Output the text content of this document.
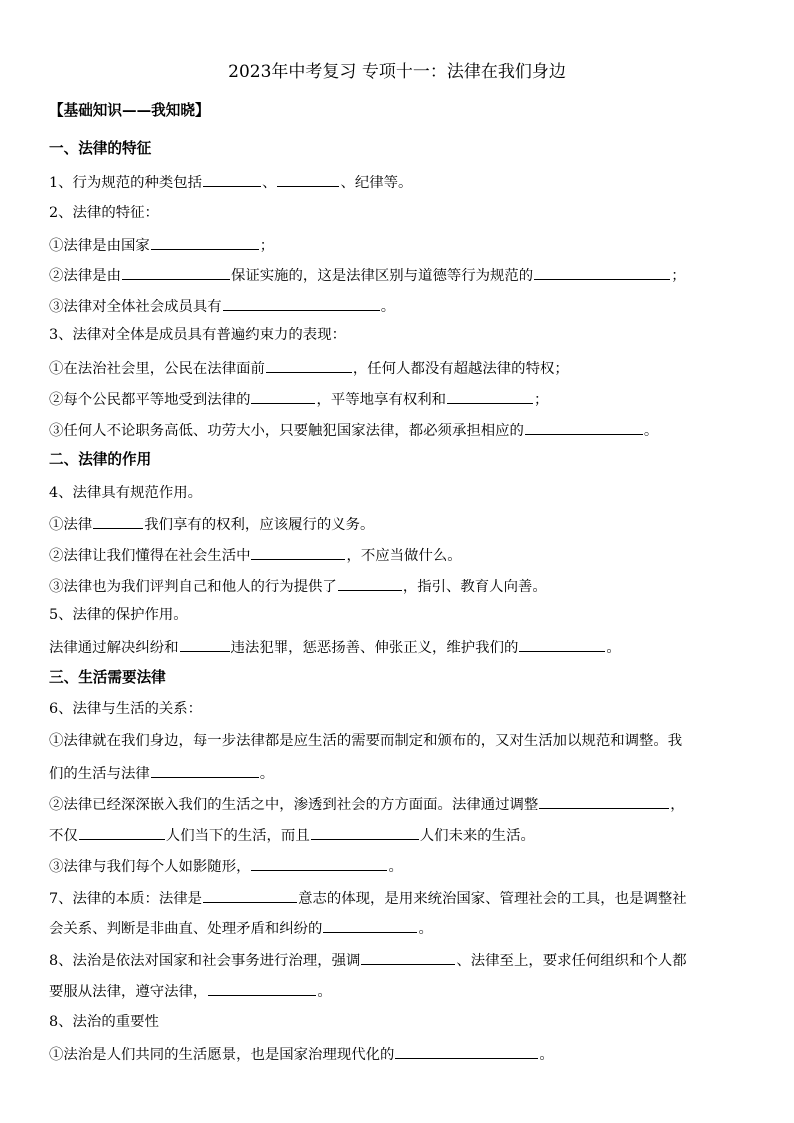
2023年中考复习 专项十一：法律在我们身边
【基础知识——我知晓】
一、法律的特征
1、行为规范的种类包括	、	、纪律等。
2、法律的特征：
①法律是由国家	；
②法律是由	保证实施的，这是法律区别与道德等行为规范的	；
③法律对全体社会成员具有	。
3、法律对全体是成员具有普遍约束力的表现：
①在法治社会里，公民在法律面前	，任何人都没有超越法律的特权；
②每个公民都平等地受到法律的	，平等地享有权利和	；
③任何人不论职务高低、功劳大小，只要触犯国家法律，都必须承担相应的	。
二、法律的作用
4、法律具有规范作用。
①法律	我们享有的权利，应该履行的义务。
②法律让我们懂得在社会生活中	，不应当做什么。
③法律也为我们评判自己和他人的行为提供了	，指引、教育人向善。
5、法律的保护作用。
法律通过解决纠纷和	违法犯罪，惩恶扬善、伸张正义，维护我们的	。
三、生活需要法律
6、法律与生活的关系：
①法律就在我们身边，每一步法律都是应生活的需要而制定和颁布的，又对生活加以规范和调整。我
们的生活与法律	。
②法律已经深深嵌入我们的生活之中，渗透到社会的方方面面。法律通过调整	，
不仅	人们当下的生活，而且	人们未来的生活。
③法律与我们每个人如影随形，	。
7、法律的本质：法律是	意志的体现，是用来统治国家、管理社会的工具，也是调整社
会关系、判断是非曲直、处理矛盾和纠纷的	。
8、法治是依法对国家和社会事务进行治理，强调	、法律至上，要求任何组织和个人都
要服从法律，遵守法律，	。
8、法治的重要性
①法治是人们共同的生活愿景，也是国家治理现代化的	。
